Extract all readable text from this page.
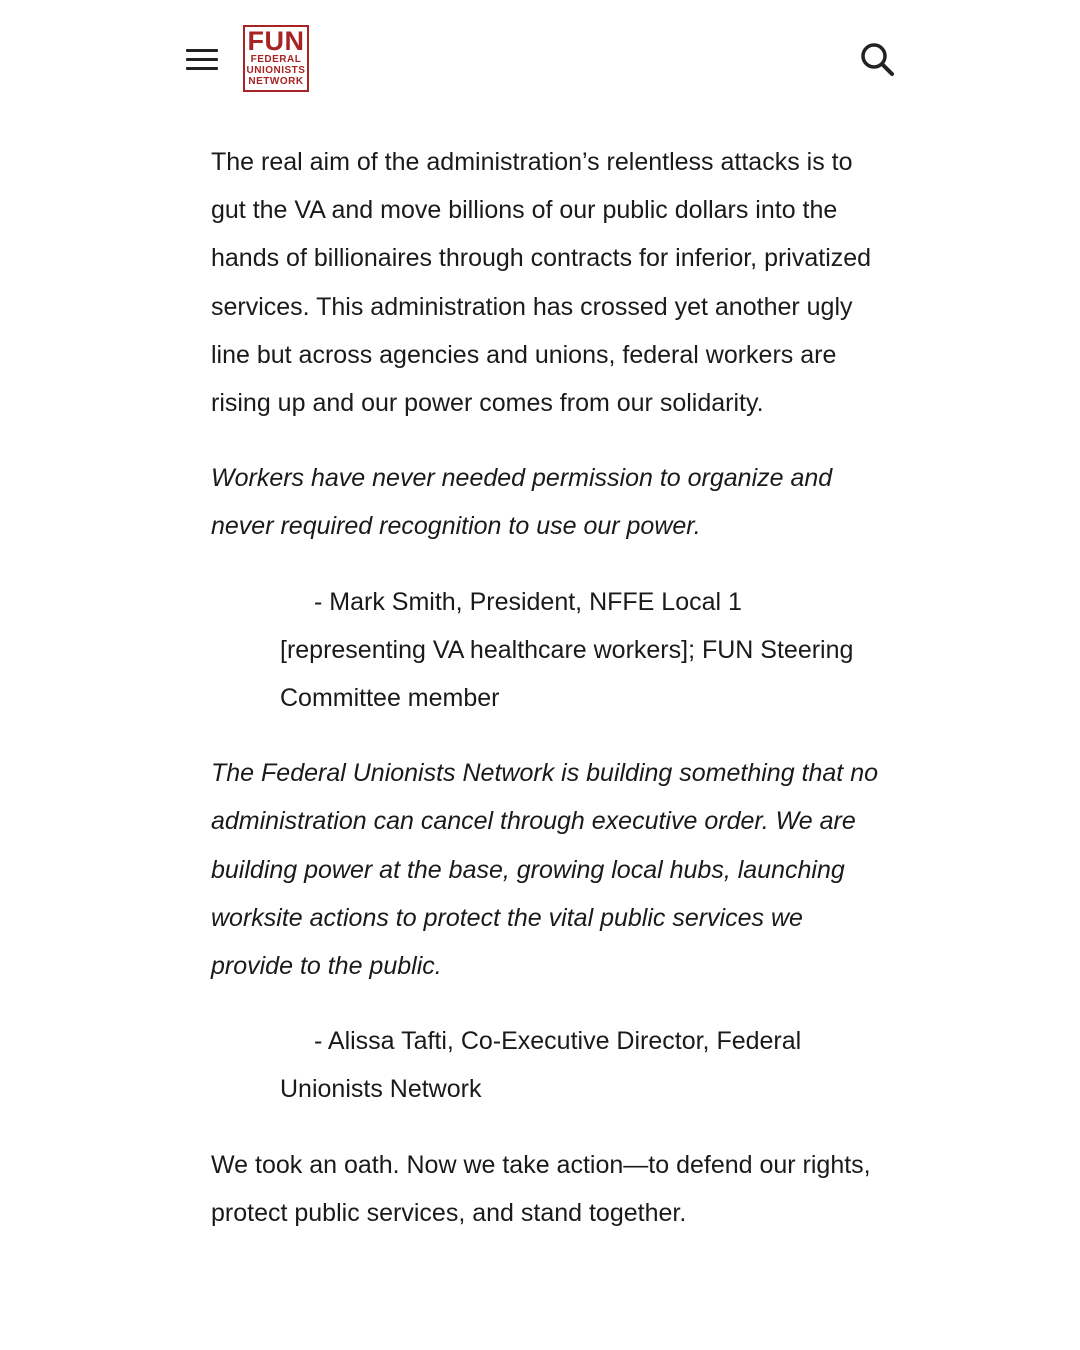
FUN
FEDERAL
UNIONISTS
NETWORK

The real aim of the administration’s relentless attacks is to gut the VA and move billions of our public dollars into the hands of billionaires through contracts for inferior, privatized services. This administration has crossed yet another ugly line but across agencies and unions, federal workers are rising up and our power comes from our solidarity.

Workers have never needed permission to organize and never required recognition to use our power.

- Mark Smith, President, NFFE Local 1 [representing VA healthcare workers]; FUN Steering Committee member

The Federal Unionists Network is building something that no administration can cancel through executive order. We are building power at the base, growing local hubs, launching worksite actions to protect the vital public services we provide to the public.

- Alissa Tafti, Co-Executive Director, Federal Unionists Network

We took an oath. Now we take action—to defend our rights, protect public services, and stand together.
